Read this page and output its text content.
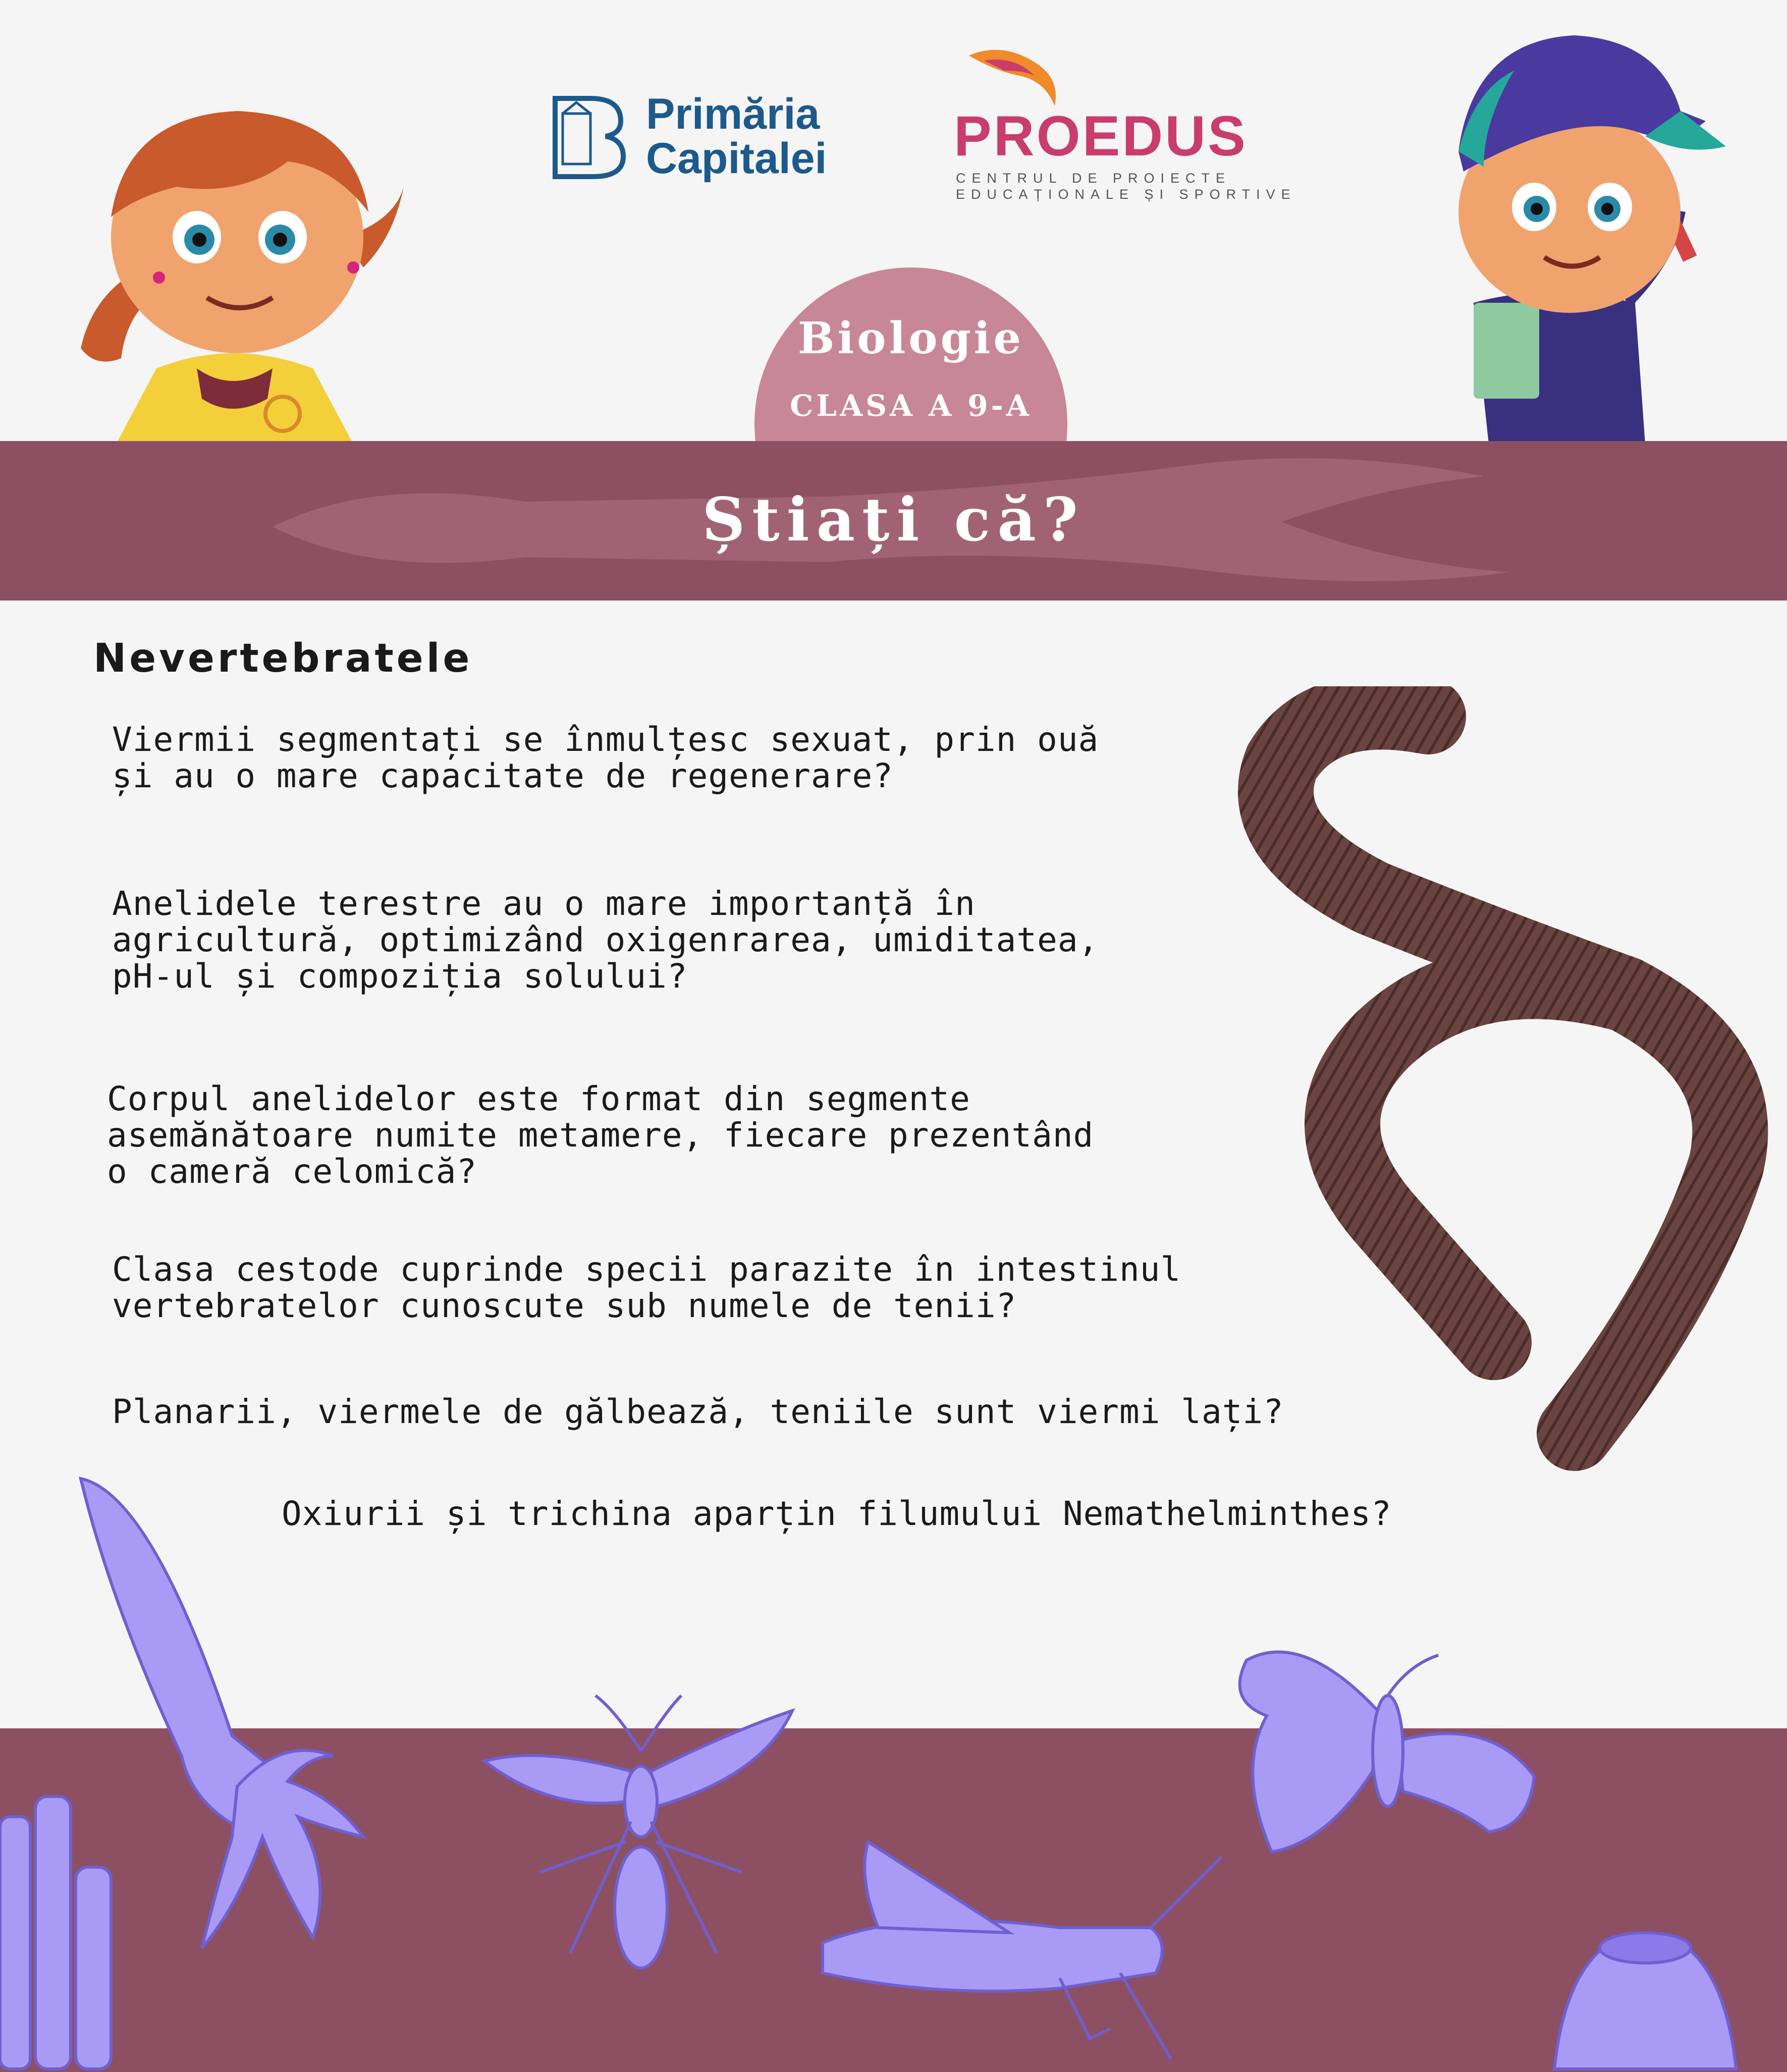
Primăria
Capitalei PROEDUS
CENTRUL DE PROIECTE
EDUCAȚIONALE ȘI SPORTIVE
Biologie
CLASA A 9-A
Știați că?
Nevertebratele
Viermii segmentați se înmulțesc sexuat, prin ouă
și au o mare capacitate de regenerare?
Anelidele terestre au o mare importanță în
agricultură, optimizând oxigenrarea, umiditatea,
pH-ul și compoziția solului?
Corpul anelidelor este format din segmente
asemănătoare numite metamere, fiecare prezentând
o cameră celomică?
Clasa cestode cuprinde specii parazite în intestinul
vertebratelor cunoscute sub numele de tenii?
Planarii, viermele de gălbează, teniile sunt viermi lați?
Oxiurii și trichina aparțin filumului Nemathelminthes?
